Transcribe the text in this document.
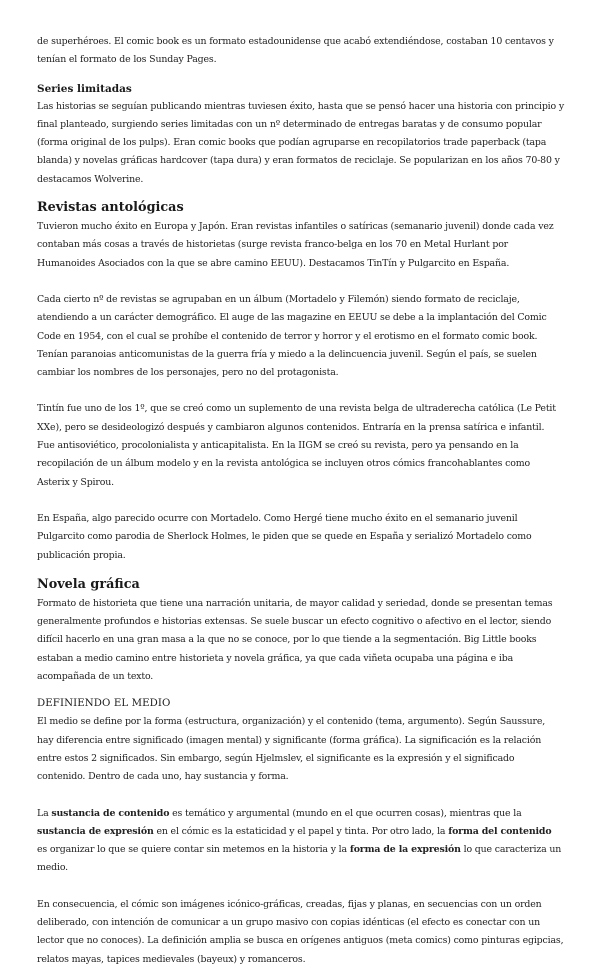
de superhéroes. El comic book es un formato estadounidense que acabó extendiéndose, costaban 10 centavos y tenían el formato de los Sunday Pages.

Series limitadas

Las historias se seguían publicando mientras tuviesen éxito, hasta que se pensó hacer una historia con principio y final planteado, surgiendo series limitadas con un nº determinado de entregas baratas y de consumo popular (forma original de los pulps). Eran comic books que podían agruparse en recopilatorios trade paperback (tapa blanda) y novelas gráficas hardcover (tapa dura) y eran formatos de reciclaje. Se popularizan en los años 70-80 y destacamos Wolverine.

Revistas antológicas

Tuvieron mucho éxito en Europa y Japón. Eran revistas infantiles o satíricas (semanario juvenil) donde cada vez contaban más cosas a través de historietas (surge revista franco-belga en los 70 en Metal Hurlant por Humanoides Asociados con la que se abre camino EEUU). Destacamos TinTín y Pulgarcito en España.

Cada cierto nº de revistas se agrupaban en un álbum (Mortadelo y Filemón) siendo formato de reciclaje, atendiendo a un carácter demográfico. El auge de las magazine en EEUU se debe a la implantación del Comic Code en 1954, con el cual se prohíbe el contenido de terror y horror y el erotismo en el formato comic book. Tenían paranoias anticomunistas de la guerra fría y miedo a la delincuencia juvenil. Según el país, se suelen cambiar los nombres de los personajes, pero no del protagonista.

Tintín fue uno de los 1º, que se creó como un suplemento de una revista belga de ultraderecha católica (Le Petit XXe), pero se desideologizó después y cambiaron algunos contenidos. Entraría en la prensa satírica e infantil. Fue antisoviético, procolonialista y anticapitalista. En la IIGM se creó su revista, pero ya pensando en la recopilación de un álbum modelo y en la revista antológica se incluyen otros cómics francohablantes como Asterix y Spirou.

En España, algo parecido ocurre con Mortadelo. Como Hergé tiene mucho éxito en el semanario juvenil Pulgarcito como parodia de Sherlock Holmes, le piden que se quede en España y serializó Mortadelo como publicación propia.

Novela gráfica

Formato de historieta que tiene una narración unitaria, de mayor calidad y seriedad, donde se presentan temas generalmente profundos e historias extensas. Se suele buscar un efecto cognitivo o afectivo en el lector, siendo difícil hacerlo en una gran masa a la que no se conoce, por lo que tiende a la segmentación. Big Little books estaban a medio camino entre historieta y novela gráfica, ya que cada viñeta ocupaba una página e iba acompañada de un texto.

DEFINIENDO EL MEDIO

El medio se define por la forma (estructura, organización) y el contenido (tema, argumento). Según Saussure, hay diferencia entre significado (imagen mental) y significante (forma gráfica). La significación es la relación entre estos 2 significados. Sin embargo, según Hjelmslev, el significante es la expresión y el significado contenido. Dentro de cada uno, hay sustancia y forma.

La sustancia de contenido es temático y argumental (mundo en el que ocurren cosas), mientras que la sustancia de expresión en el cómic es la estaticidad y el papel y tinta. Por otro lado, la forma del contenido es organizar lo que se quiere contar sin metemos en la historia y la forma de la expresión lo que caracteriza un medio.

En consecuencia, el cómic son imágenes icónico-gráficas, creadas, fijas y planas, en secuencias con un orden deliberado, con intención de comunicar a un grupo masivo con copias idénticas (el efecto es conectar con un lector que no conoces). La definición amplia se busca en orígenes antiguos (meta comics) como pinturas egipcias, relatos mayas, tapices medievales (bayeux) y romanceros.
